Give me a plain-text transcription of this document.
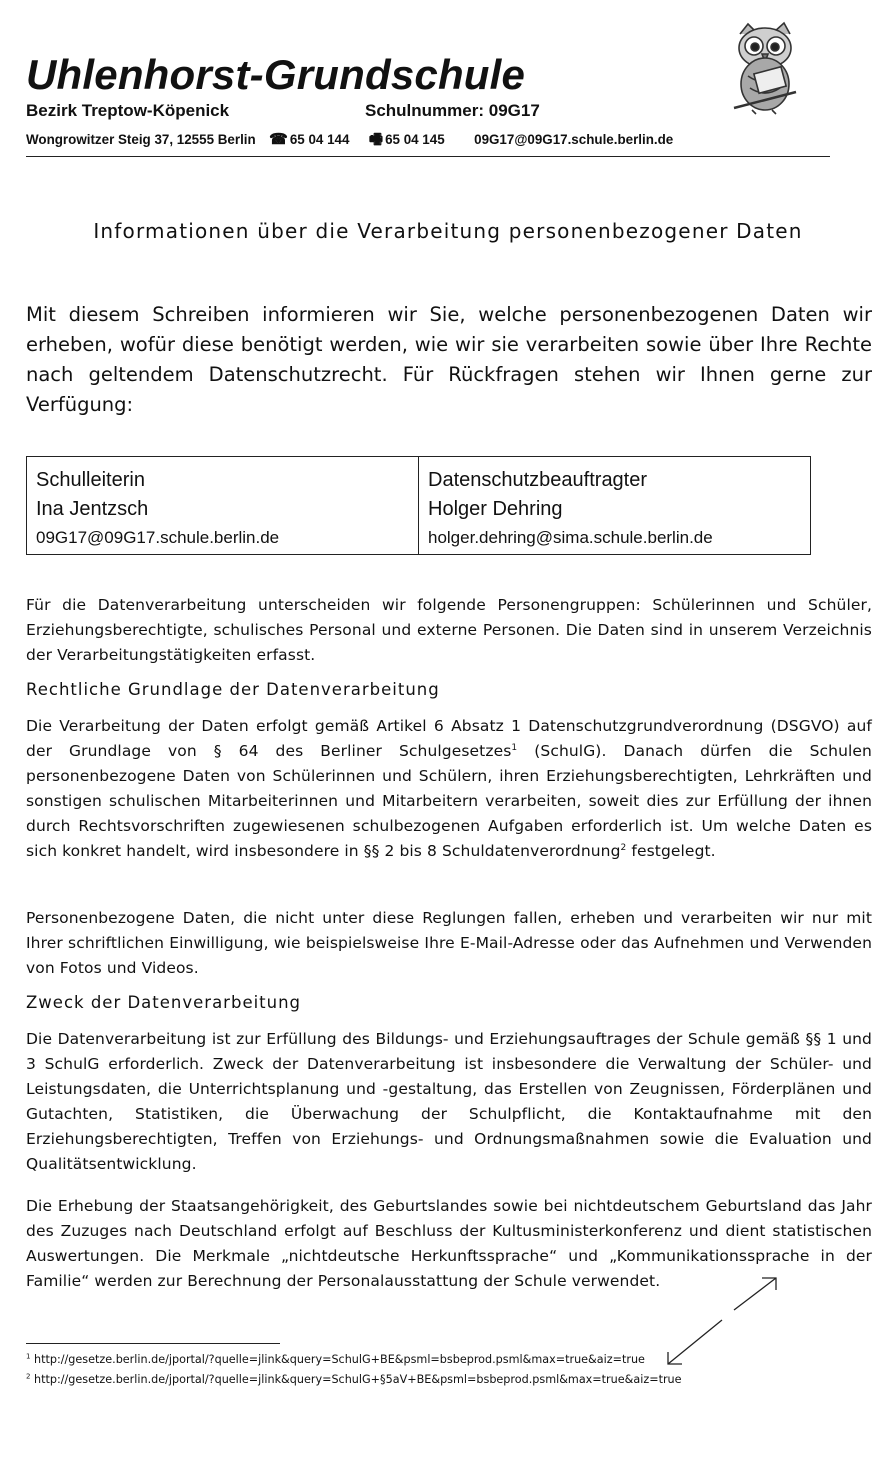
Uhlenhorst-Grundschule
Bezirk Treptow-Köpenick	Schulnummer: 09G17
Wongrowitzer Steig 37, 12555 Berlin ☎ 65 04 144 🖷 65 04 145 09G17@09G17.schule.berlin.de
Informationen über die Verarbeitung personenbezogener Daten

Mit diesem Schreiben informieren wir Sie, welche personenbezogenen Daten wir erheben, wofür diese benötigt werden, wie wir sie verarbeiten sowie über Ihre Rechte nach geltendem Datenschutzrecht. Für Rückfragen stehen wir Ihnen gerne zur Verfügung:

Schulleiterin
Ina Jentzsch
09G17@09G17.schule.berlin.de
Datenschutzbeauftragter
Holger Dehring
holger.dehring@sima.schule.berlin.de

Für die Datenverarbeitung unterscheiden wir folgende Personengruppen: Schülerinnen und Schüler, Erziehungsberechtigte, schulisches Personal und externe Personen. Die Daten sind in unserem Verzeichnis der Verarbeitungstätigkeiten erfasst.

Rechtliche Grundlage der Datenverarbeitung

Die Verarbeitung der Daten erfolgt gemäß Artikel 6 Absatz 1 Datenschutzgrundverordnung (DSGVO) auf der Grundlage von § 64 des Berliner Schulgesetzes$^1$ (SchulG). Danach dürfen die Schulen personenbezogene Daten von Schülerinnen und Schülern, ihren Erziehungsberechtigten, Lehrkräften und sonstigen schulischen Mitarbeiterinnen und Mitarbeitern verarbeiten, soweit dies zur Erfüllung der ihnen durch Rechtsvorschriften zugewiesenen schulbezogenen Aufgaben erforderlich ist. Um welche Daten es sich konkret handelt, wird insbesondere in §§ 2 bis 8 Schuldatenverordnung$^2$ festgelegt.

Personenbezogene Daten, die nicht unter diese Reglungen fallen, erheben und verarbeiten wir nur mit Ihrer schriftlichen Einwilligung, wie beispielsweise Ihre E-Mail-Adresse oder das Aufnehmen und Verwenden von Fotos und Videos.

Zweck der Datenverarbeitung

Die Datenverarbeitung ist zur Erfüllung des Bildungs- und Erziehungsauftrages der Schule gemäß §§ 1 und 3 SchulG erforderlich. Zweck der Datenverarbeitung ist insbesondere die Verwaltung der Schüler- und Leistungsdaten, die Unterrichtsplanung und -gestaltung, das Erstellen von Zeugnissen, Förderplänen und Gutachten, Statistiken, die Überwachung der Schulpflicht, die Kontaktaufnahme mit den Erziehungsberechtigten, Treffen von Erziehungs- und Ordnungsmaßnahmen sowie die Evaluation und Qualitätsentwicklung.

Die Erhebung der Staatsangehörigkeit, des Geburtslandes sowie bei nichtdeutschem Geburtsland das Jahr des Zuzuges nach Deutschland erfolgt auf Beschluss der Kultusministerkonferenz und dient statistischen Auswertungen. Die Merkmale „nichtdeutsche Herkunftssprache“ und „Kommunikationssprache in der Familie“ werden zur Berechnung der Personalausstattung der Schule verwendet.

$^1$ http://gesetze.berlin.de/jportal/?quelle=jlink&query=SchulG+BE&psml=bsbeprod.psml&max=true&aiz=true
$^2$ http://gesetze.berlin.de/jportal/?quelle=jlink&query=SchulG+§5aV+BE&psml=bsbeprod.psml&max=true&aiz=true
